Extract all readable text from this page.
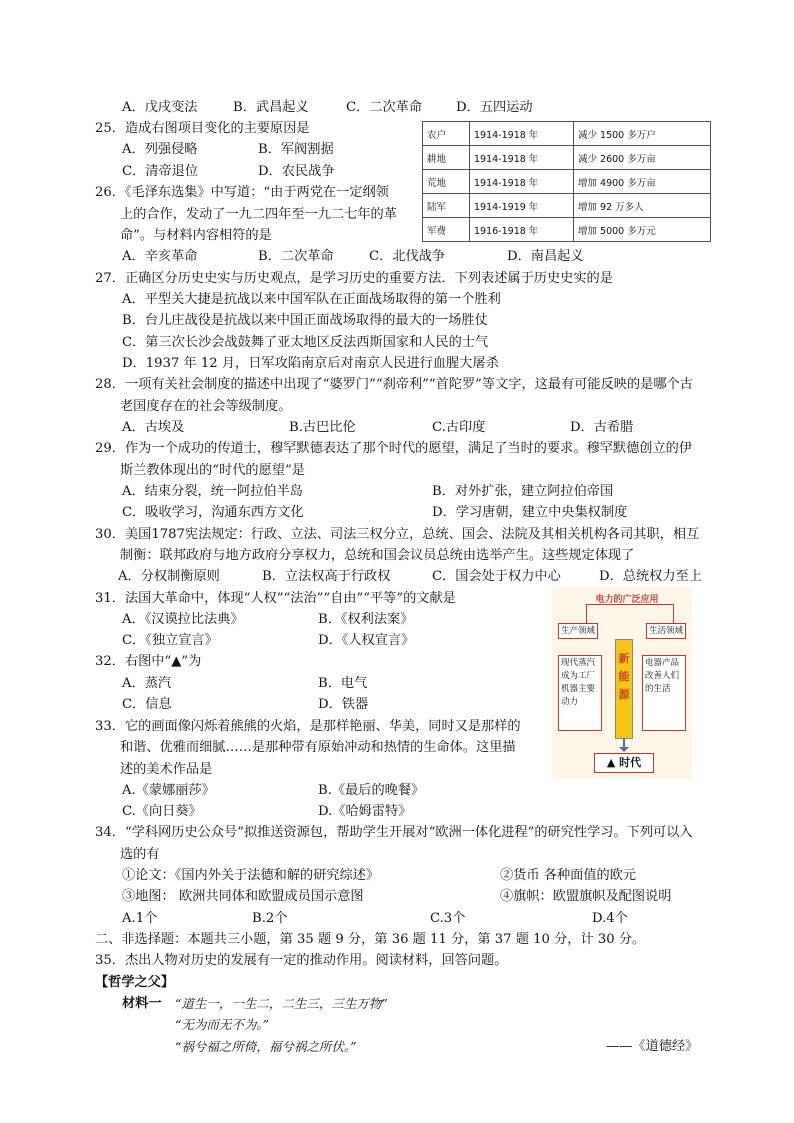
A．戊戌变法	B．武昌起义	C．二次革命	D．五四运动
25．造成右图项目变化的主要原因是
A．列强侵略	B．军阀割据
C．清帝退位	D．农民战争
农户	1914-1918 年	减少 1500 多万户
耕地	1914-1918 年	减少 2600 多万亩
荒地	1914-1918 年	增加 4900 多万亩
陆军	1914-1919 年	增加 92 万多人
军费	1916-1918 年	增加 5000 多万元
26．《毛泽东选集》中写道：“由于两党在一定纲领
上的合作，发动了一九二四年至一九二七年的革
命”。与材料内容相符的是
A．辛亥革命	B．二次革命	C．北伐战争	D．南昌起义
27．正确区分历史史实与历史观点，是学习历史的重要方法．下列表述属于历史史实的是
A．平型关大捷是抗战以来中国军队在正面战场取得的第一个胜利
B．台儿庄战役是抗战以来中国正面战场取得的最大的一场胜仗
C．第三次长沙会战鼓舞了亚太地区反法西斯国家和人民的士气
D．1937 年 12 月，日军攻陷南京后对南京人民进行血腥大屠杀
28．一项有关社会制度的描述中出现了“婆罗门”“刹帝利”“首陀罗”等文字，这最有可能反映的是哪个古
老国度存在的社会等级制度。
A．古埃及	B.古巴比伦	C.古印度	D．古希腊
29．作为一个成功的传道士，穆罕默德表达了那个时代的愿望，满足了当时的要求。穆罕默德创立的伊
斯兰教体现出的“时代的愿望”是
A．结束分裂，统一阿拉伯半岛	B．对外扩张，建立阿拉伯帝国
C．吸收学习，沟通东西方文化	D．学习唐朝，建立中央集权制度
30．美国1787宪法规定：行政、立法、司法三权分立，总统、国会、法院及其相关机构各司其职，相互
制衡：联邦政府与地方政府分享权力，总统和国会议员总统由选举产生。这些规定体现了
A．分权制衡原则	B．立法权高于行政权	C．国会处于权力中心	D．总统权力至上
31．法国大革命中，体现“人权”“法治”“自由”“平等”的文献是
A．《汉谟拉比法典》	B．《权利法案》
C．《独立宣言》	D．《人权宣言》
32．右图中“▲”为
A．蒸汽	B．电气
C．信息	D．铁器
电力的广泛应用
生产领域	生活领域
现代蒸汽
成为工厂
机器主要
动力
电器产品
改善人们
的生活
新
能
源
▲ 时代
33．它的画面像闪烁着熊熊的火焰，是那样艳丽、华美，同时又是那样的
和谐、优雅而细腻……是那种带有原始冲动和热情的生命体。这里描
述的美术作品是
A.《蒙娜丽莎》	B.《最后的晚餐》
C.《向日葵》	D.《哈姆雷特》
34．“学科网历史公众号”拟推送资源包，帮助学生开展对“欧洲一体化进程”的研究性学习。下列可以入
选的有
①论文：《国内外关于法德和解的研究综述》	②货币 各种面值的欧元
③地图： 欧洲共同体和欧盟成员国示意图	④旗帜：欧盟旗帜及配图说明
A.1个	B.2个	C.3个	D.4个
二、非选择题：本题共三小题，第 35 题 9 分，第 36 题 11 分，第 37 题 10 分，计 30 分。
35．杰出人物对历史的发展有一定的推动作用。阅读材料，回答问题。
【哲学之父】
材料一 “道生一，一生二，二生三，三生万物”
“无为而无不为。”
“祸兮福之所倚，福兮祸之所伏。”	——《道德经》
